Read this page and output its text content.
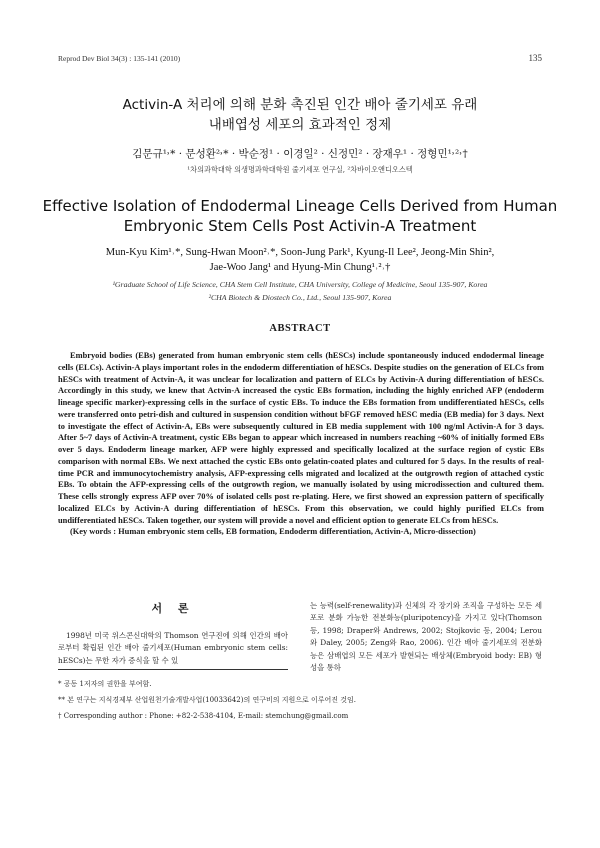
Reprod Dev Biol 34(3) : 135-141 (2010)	135
Activin-A 처리에 의해 분화 촉진된 인간 배아 줄기세포 유래
내배엽성 세포의 효과적인 정제
김문규¹˒* · 문성환²˒* · 박순정¹ · 이경일² · 신정민² · 장재우¹ · 정형민¹˒²˒†
¹차의과학대학 의생명과학대학원 줄기세포 연구실, ²차바이오앤디오스텍
Effective Isolation of Endodermal Lineage Cells Derived from Human
Embryonic Stem Cells Post Activin-A Treatment
Mun-Kyu Kim¹˒*, Sung-Hwan Moon²˒*, Soon-Jung Park¹, Kyung-Il Lee², Jeong-Min Shin²,
Jae-Woo Jang¹ and Hyung-Min Chung¹˒²˒†
¹Graduate School of Life Science, CHA Stem Cell Institute, CHA University, College of Medicine, Seoul 135-907, Korea
²CHA Biotech & Diostech Co., Ltd., Seoul 135-907, Korea
ABSTRACT

Embryoid bodies (EBs) generated from human embryonic stem cells (hESCs) include spontaneously induced endodermal lineage cells (ELCs). Activin-A plays important roles in the endoderm differentiation of hESCs. Despite studies on the generation of ELCs from hESCs with treatment of Actvin-A, it was unclear for localization and pattern of ELCs by Activin-A during differentiation of hESCs. Accordingly in this study, we knew that Actvin-A increased the cystic EBs formation, including the highly enriched AFP (endoderm lineage specific marker)-expressing cells in the surface of cystic EBs. To induce the EBs formation from undifferentiated hESCs, cells were transferred onto petri-dish and cultured in suspension condition without bFGF removed hESC media (EB media) for 3 days. Next to investigate the effect of Activin-A, EBs were subsequently cultured in EB media supplement with 100 ng/ml Activin-A for 3 days. After 5~7 days of Activin-A treatment, cystic EBs began to appear which increased in numbers reaching ~60% of initially formed EBs over 5 days. Endoderm lineage marker, AFP were highly expressed and specifically localized at the surface region of cystic EBs comparison with normal EBs. We next attached the cystic EBs onto gelatin-coated plates and cultured for 5 days. In the results of real-time PCR and immunocytochemistry analysis, AFP-expressing cells migrated and localized at the outgrowth region of attached cystic EBs. To obtain the AFP-expressing cells of the outgrowth region, we manually isolated by using microdissection and cultured them. These cells strongly express AFP over 70% of isolated cells post re-plating. Here, we first showed an expression pattern of specifically localized ELCs by Activin-A during differentiation of hESCs. From this observation, we could highly purified ELCs from undifferentiated hESCs. Taken together, our system will provide a novel and efficient option to generate ELCs from hESCs.

(Key words : Human embryonic stem cells, EB formation, Endoderm differentiation, Activin-A, Micro-dissection)

서 론

1998년 미국 위스콘신대학의 Thomson 연구진에 의해 인간의 배아로부터 확립된 인간 배아 줄기세포(Human embryonic stem cells: hESCs)는 무한 자가 증식을 할 수 있

는 능력(self-renewality)과 신체의 각 장기와 조직을 구성하는 모든 세포로 분화 가능한 전분화능(pluripotency)을 가지고 있다(Thomson 등, 1998; Draper와 Andrews, 2002; Stojkovic 등, 2004; Lerou와 Daley, 2005; Zeng와 Rao, 2006). 인간 배아 줄기세포의 전분화능은 삼배엽의 모든 세포가 발현되는 배상체(Embryoid body: EB) 형성을 통하

* 공동 1저자의 권한을 부여함.
** 본 연구는 지식경제부 산업원천기술개발사업(10033642)의 연구비의 지원으로 이루어진 것임.
† Corresponding author : Phone: +82-2-538-4104, E-mail: stemchung@gmail.com
